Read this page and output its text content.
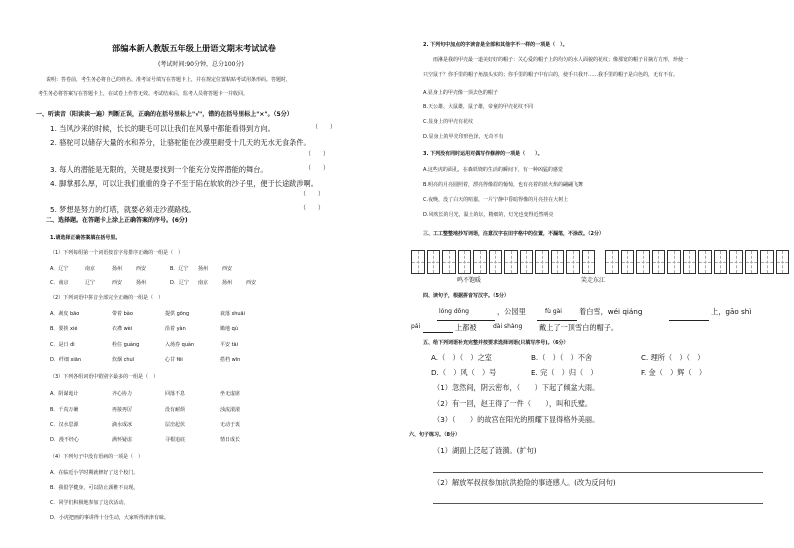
部编本新人教版五年级上册语文期末考试试卷
(考试时间:90分钟，总分100分)
说明：答卷前，考生务必将自己的姓名、准考证号填写在答题卡上，并在规定位置粘贴考试用条形码。答题时，
考生务必将答案写在答题卡上，在试卷上作答无效。考试结束后，监考人员将答题卡一并收回。
一、听读音（阳读读一遍）判断正误，正确的在括号里标上"√"，错的在括号里标上"×"。（5分）
1. 当风沙来的时候，长长的睫毛可以让我们在风暴中都能看得到方向。	（　　）
2. 骆驼可以储存大量的水和养分，让骆驼能在沙漠里耐受十几天的无水无食条件。
（　　）
3. 每人的潜能是无限的，关键是要找到一个能充分发挥潜能的舞台。	（　　）
4. 脚掌那么厚，可以让我们重重的身子不至于陷在软软的沙子里，便于长途跋涉啊。
（　　）
5. 梦想是努力的灯塔，就要必须走沙漠路线。	（　　）
二、选择题。在答题卡上涂上正确答案的序号。(6分)
1.请选择正确答案填在括号里。
（1）下列每组第一个词语按首字母排序正确的一组是（　）
A．辽宁	南京	扬州	西安	B．辽宁 扬州	西安
C．南京	辽宁	西安	扬州	D．辽宁 南京	扬州	西安
（2）下列词语中拼音全部完全正确的一组是（　）
A．剥皮 bāo	带着 bào	提供 gōng	衰落 shuāi
B．要挟 xié	衣襟 wèi	沿着 yàn	锄地 qú
C．是日 dì	栓住 guàng	入场券 quàn	平安 tài
D．纤细 xiān	炊烟 chuī	心甘 fēi	搭档 wīn
（3）下列各组词语中错别字最多的一组是（　）
A．阴谋诡计	齐心协力	回落不息	坐无虚席
B．千真万确	再接再厉	没有耐烦	浊流滚滚
C．汉水思源	滴水成冰	层峦起伏	无动于衷
D．漫不经心	满怀疑虑	寻根追底	情日成长
（4）下列句子中没有语病的一项是（　）
A．在临近小学时期就修好了这个校门。
B．我很学健身，可以防止颈椎不良现。
C．同学们积极地参加了这次活动。
D．小虎把画的事讲得十分生动，大家听得津津有味。
2. 下列句中加点的字读音是全部和其他字不一样的一项是（　）。
雨淋是我的甲壳最一道美好好的帽子：关心爱的帽子上的均匀的水人面貌的花纹；像那宽的帽子目摘方方形，珍使一
只空鼠干？你手里的帽子角演头实的；你手里的帽子中有白的，使手只我开……我手里的帽子是白色的，无有不有。
A.显身上的甲壳像一顶去色的帽子
B.天公雄、大鼠雄，鼠子雄，帝童的甲壳花纹不同
C.显身上的甲壳有花纹
D.显身上的甲壳印形色泽，无奇不有
3. 下列没有同时运用对偶写作修辞的一项是（　　）。
A.这些虎的面孔，在森妖娆的生活的瞬间下，有一种凶猛的感觉
B.明亮的月亮圆照着，漂亮得像眉的葡萄，也有亮着的蓝火焰的翩翩飞舞
C.夜晚，没了白天的喧嚣，一片宁静中昏暗得像的月亮挂在大树上
D.风吹长的月光，温土的坛，精细的，灯光也变得近然明亮
三、工工整整地抄写词语，注意汉字在田字格中的位置，不漏笔，不涂改。（2分）
鸣不饱暖	笑走东江
四、读句子，根据拼音写汉字。（5分）
lóng dōng	，公园里	fù gài 着白雪，wéi qiáng	上，gāo shì
pái	上都被	dài shàng 戴上了一顶雪白的帽子。
五、给下列词语补充完整并按要求选择词语(只填写序号)。（6分）
A.（　）（　）之室	B.（　）（　）不舍	C. 理所（　）（　）
D.（　）风（　）号	E. 完（　）归（　）	F. 金（　）辉（　）
（1）忽然间，阴云密布，（　　）下起了倾盆大雨。
（2）有一回，赵王得了一件（　　），叫和氏璧。
（3）（　　）的故宫在阳光的照耀下显得格外美丽。
六、句子练习。（8分）
（1）湖面上泛起了涟漪。(扩句)
（2）解放军叔叔参加抗洪抢险的事迹感人。(改为反问句)
